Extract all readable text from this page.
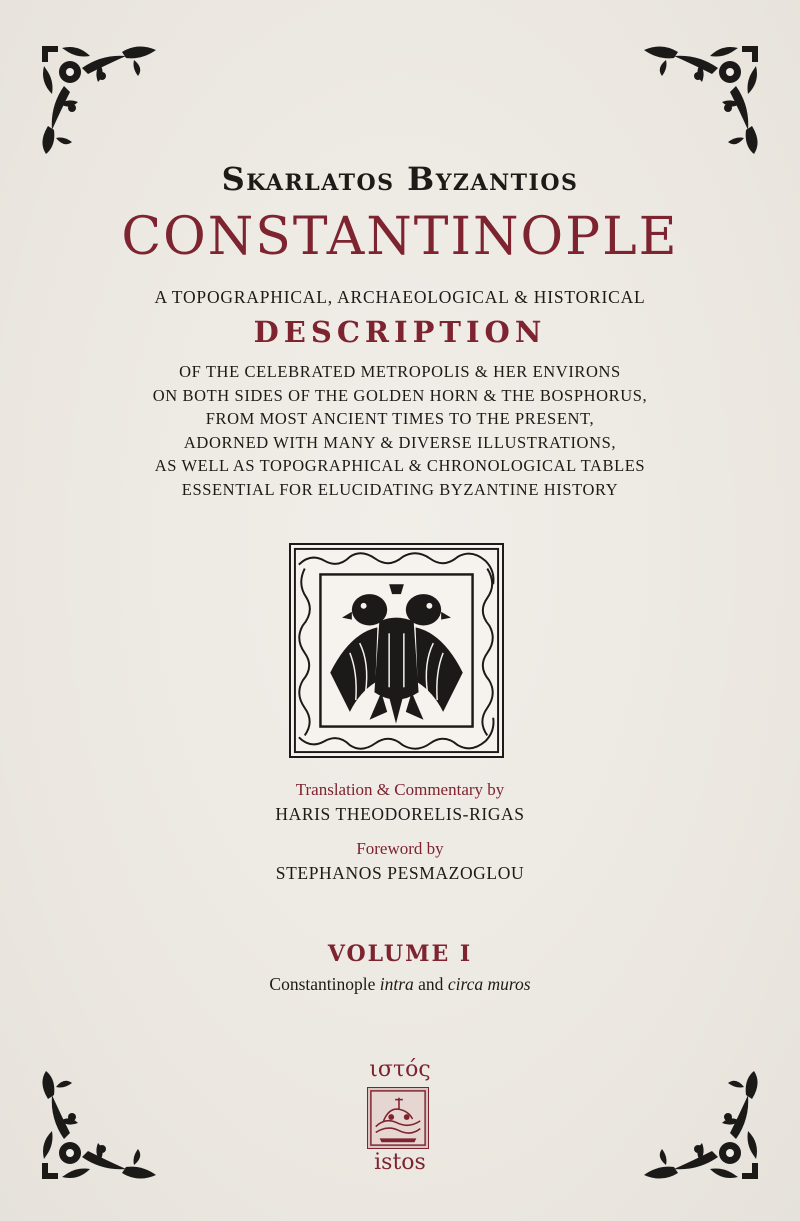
Skarlatos Byzantios
CONSTANTINOPLE
A TOPOGRAPHICAL, ARCHAEOLOGICAL & HISTORICAL
DESCRIPTION
OF THE CELEBRATED METROPOLIS & HER ENVIRONS
ON BOTH SIDES OF THE GOLDEN HORN & THE BOSPHORUS,
FROM MOST ANCIENT TIMES TO THE PRESENT,
ADORNED WITH MANY & DIVERSE ILLUSTRATIONS,
AS WELL AS TOPOGRAPHICAL & CHRONOLOGICAL TABLES
ESSENTIAL FOR ELUCIDATING BYZANTINE HISTORY
Translation & Commentary by
HARIS THEODORELIS-RIGAS
Foreword by
STEPHANOS PESMAZOGLOU
VOLUME I
Constantinople intra and circa muros
ιστός
istos
